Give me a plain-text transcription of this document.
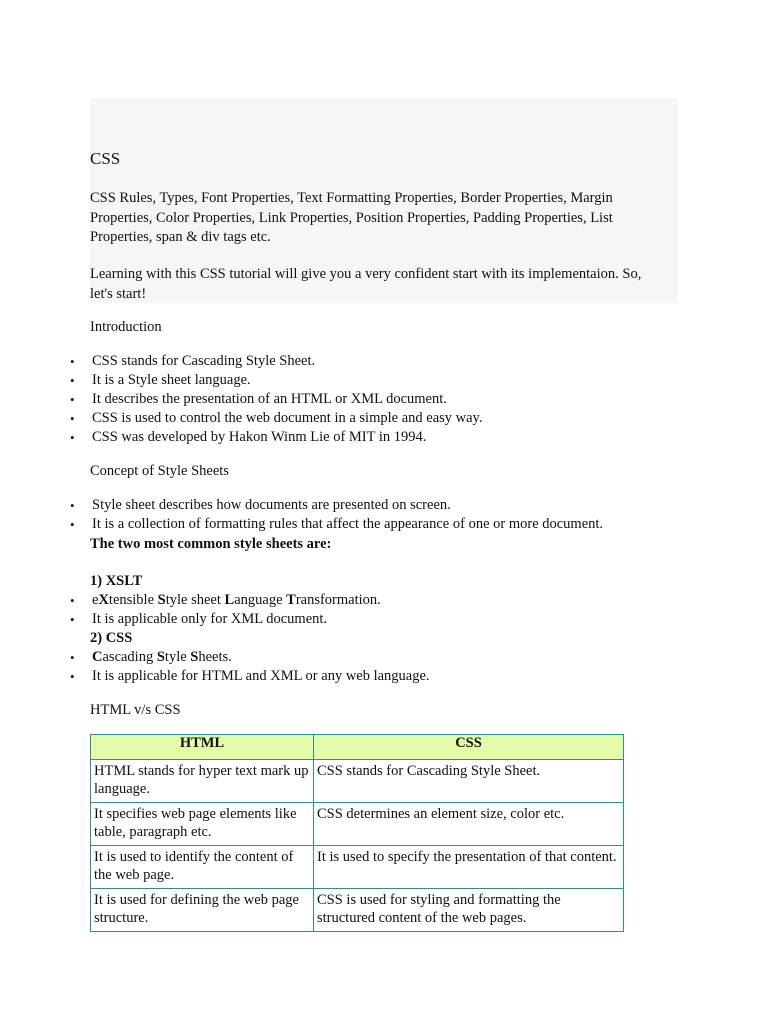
CSS

CSS Rules, Types, Font Properties, Text Formatting Properties, Border Properties, Margin Properties, Color Properties, Link Properties, Position Properties, Padding Properties, List Properties, span & div tags etc.

Learning with this CSS tutorial will give you a very confident start with its implementaion. So, let's start!

Introduction
• CSS stands for Cascading Style Sheet.
• It is a Style sheet language.
• It describes the presentation of an HTML or XML document.
• CSS is used to control the web document in a simple and easy way.
• CSS was developed by Hakon Winm Lie of MIT in 1994.
Concept of Style Sheets
• Style sheet describes how documents are presented on screen.
• It is a collection of formatting rules that affect the appearance of one or more document.

The two most common style sheets are:

1) XSLT

• eXtensible Style sheet Language Transformation.
• It is applicable only for XML document.

2) CSS

• Cascading Style Sheets.
• It is applicable for HTML and XML or any web language.
HTML v/s CSS
HTML	CSS
HTML stands for hyper text mark up language.	CSS stands for Cascading Style Sheet.
It specifies web page elements like table, paragraph etc.	CSS determines an element size, color etc.
It is used to identify the content of the web page.	It is used to specify the presentation of that content.
It is used for defining the web page structure.	CSS is used for styling and formatting the structured content of the web pages.
